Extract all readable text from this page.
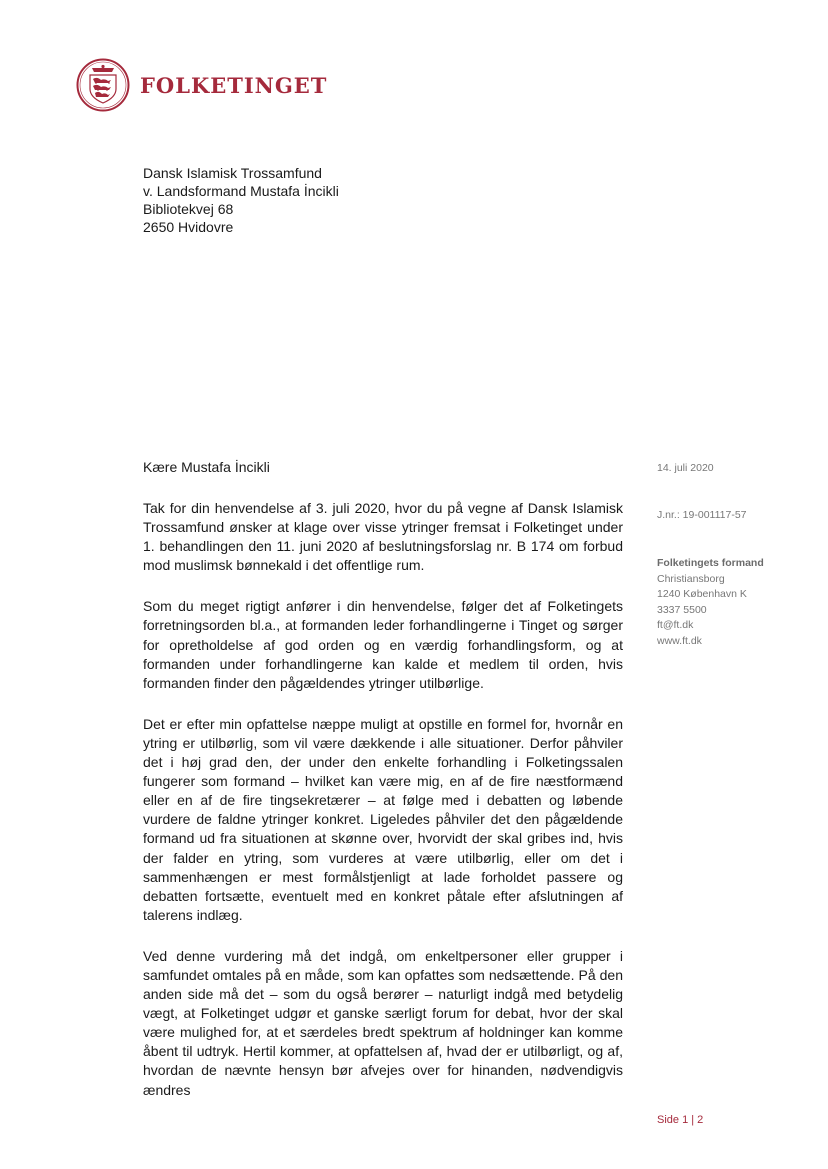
FOLKETINGET
Dansk Islamisk Trossamfund
v. Landsformand Mustafa İncikli
Bibliotekvej 68
2650 Hvidovre
Kære Mustafa İncikli

Tak for din henvendelse af 3. juli 2020, hvor du på vegne af Dansk Islamisk Trossamfund ønsker at klage over visse ytringer fremsat i Folketinget under 1. behandlingen den 11. juni 2020 af beslutningsforslag nr. B 174 om forbud mod muslimsk bønnekald i det offentlige rum.

Som du meget rigtigt anfører i din henvendelse, følger det af Folketingets forretningsorden bl.a., at formanden leder forhandlingerne i Tinget og sørger for opretholdelse af god orden og en værdig forhandlingsform, og at formanden under forhandlingerne kan kalde et medlem til orden, hvis formanden finder den pågældendes ytringer utilbørlige.

Det er efter min opfattelse næppe muligt at opstille en formel for, hvornår en ytring er utilbørlig, som vil være dækkende i alle situationer. Derfor påhviler det i høj grad den, der under den enkelte forhandling i Folketingssalen fungerer som formand – hvilket kan være mig, en af de fire næstformænd eller en af de fire tingsekretærer – at følge med i debatten og løbende vurdere de faldne ytringer konkret. Ligeledes påhviler det den pågældende formand ud fra situationen at skønne over, hvorvidt der skal gribes ind, hvis der falder en ytring, som vurderes at være utilbørlig, eller om det i sammenhængen er mest formålstjenligt at lade forholdet passere og debatten fortsætte, eventuelt med en konkret påtale efter afslutningen af talerens indlæg.

Ved denne vurdering må det indgå, om enkeltpersoner eller grupper i samfundet omtales på en måde, som kan opfattes som nedsættende. På den anden side må det – som du også berører – naturligt indgå med betydelig vægt, at Folketinget udgør et ganske særligt forum for debat, hvor der skal være mulighed for, at et særdeles bredt spektrum af holdninger kan komme åbent til udtryk. Hertil kommer, at opfattelsen af, hvad der er utilbørligt, og af, hvordan de nævnte hensyn bør afvejes over for hinanden, nødvendigvis ændres

14. juli 2020
J.nr.: 19-001117-57
Folketingets formand
Christiansborg
1240 København K
3337 5500
ft@ft.dk
www.ft.dk
Side 1 | 2
